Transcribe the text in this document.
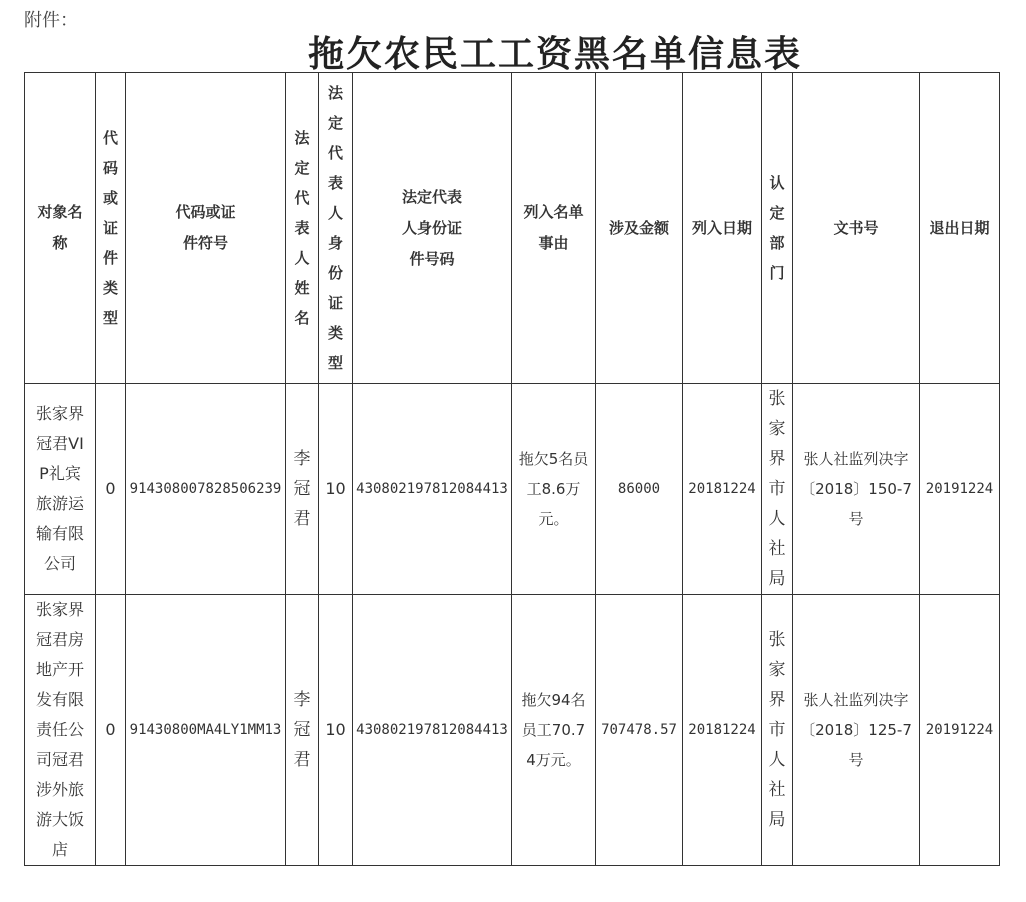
附件：
拖欠农民工工资黑名单信息表
对象名称	代码或证件类型	代码或证件符号	法定代表人姓名	法定代表人身份证类型	法定代表人身份证件号码	列入名单事由	涉及金额	列入日期	认定部门	文书号	退出日期

张家界冠君VIP礼宾旅游运输有限公司	0	914308007828506239	李冠君	10	430802197812084413	拖欠5名员工8.6万元。	86000	20181224	张家界市人社局	张人社监列决字〔2018〕150-7号	20191224

张家界冠君房地产开发有限责任公司冠君涉外旅游大饭店	0	91430800MA4LY1MM13	李冠君	10	430802197812084413	拖欠94名员工70.74万元。	707478.57	20181224	张家界市人社局	张人社监列决字〔2018〕125-7号	20191224
